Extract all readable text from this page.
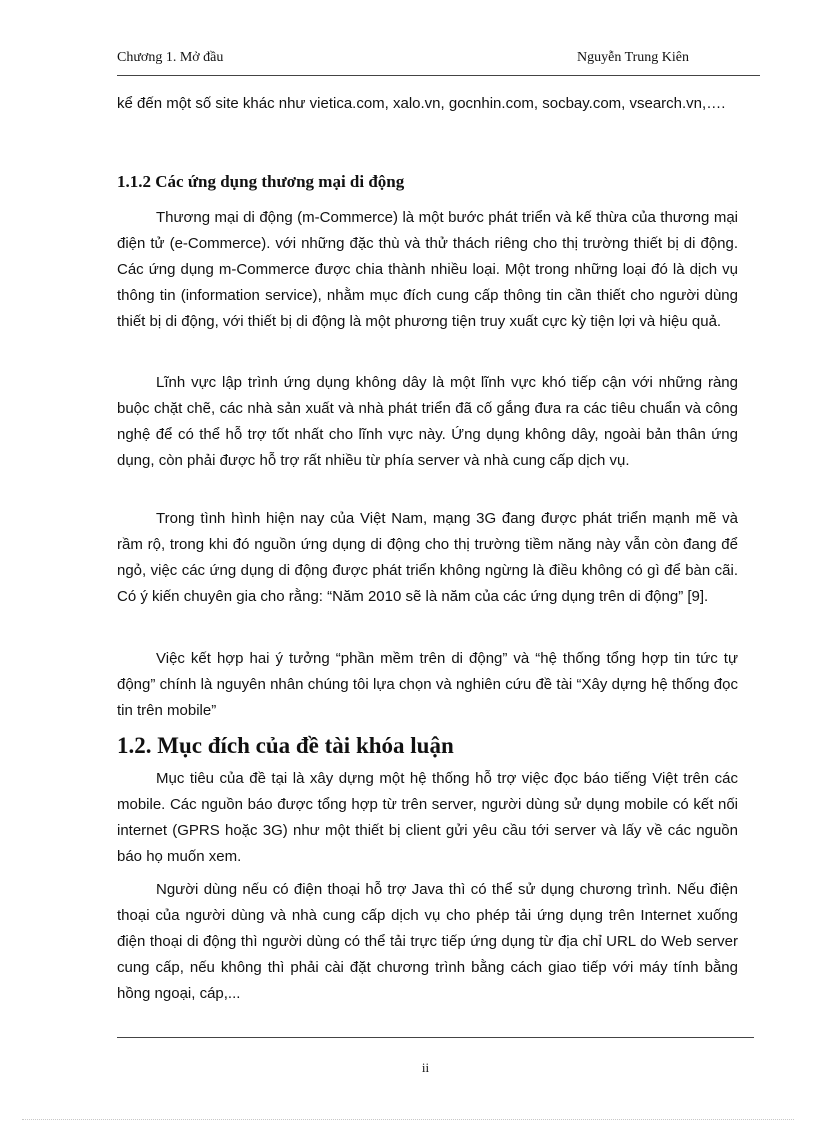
Chương 1. Mở đầu	Nguyễn Trung Kiên

kể đến một số site khác như vietica.com, xalo.vn, gocnhin.com, socbay.com, vsearch.vn,….

1.1.2 Các ứng dụng thương mại di động

Thương mại di động (m-Commerce) là một bước phát triển và kế thừa của thương mại điện tử (e-Commerce). với những đặc thù và thử thách riêng cho thị trường thiết bị di động. Các ứng dụng m-Commerce được chia thành nhiều loại. Một trong những loại đó là dịch vụ thông tin (information service), nhằm mục đích cung cấp thông tin cần thiết cho người dùng thiết bị di động, với thiết bị di động là một phương tiện truy xuất cực kỳ tiện lợi và hiệu quả.

Lĩnh vực lập trình ứng dụng không dây là một lĩnh vực khó tiếp cận với những ràng buộc chặt chẽ, các nhà sản xuất và nhà phát triển đã cố gắng đưa ra các tiêu chuẩn và công nghệ để có thể hỗ trợ tốt nhất cho lĩnh vực này. Ứng dụng không dây, ngoài bản thân ứng dụng, còn phải được hỗ trợ rất nhiều từ phía server và nhà cung cấp dịch vụ.

Trong tình hình hiện nay của Việt Nam, mạng 3G đang được phát triển mạnh mẽ và rầm rộ, trong khi đó nguồn ứng dụng di động cho thị trường tiềm năng này vẫn còn đang để ngỏ, việc các ứng dụng di động được phát triển không ngừng là điều không có gì để bàn cãi. Có ý kiến chuyên gia cho rằng: “Năm 2010 sẽ là năm của các ứng dụng trên di động” [9].

Việc kết hợp hai ý tưởng “phần mềm trên di động” và “hệ thống tổng hợp tin tức tự động” chính là nguyên nhân chúng tôi lựa chọn và nghiên cứu đề tài “Xây dựng hệ thống đọc tin trên mobile”

1.2. Mục đích của đề tài khóa luận

Mục tiêu của đề tại là xây dựng một hệ thống hỗ trợ việc đọc báo tiếng Việt trên các mobile. Các nguồn báo được tổng hợp từ trên server, người dùng sử dụng mobile có kết nối internet (GPRS hoặc 3G) như một thiết bị client gửi yêu cầu tới server và lấy về các nguồn báo họ muốn xem.

Người dùng nếu có điện thoại hỗ trợ Java thì có thể sử dụng chương trình. Nếu điện thoại của người dùng và nhà cung cấp dịch vụ cho phép tải ứng dụng trên Internet xuống điện thoại di động thì người dùng có thể tải trực tiếp ứng dụng từ địa chỉ URL do Web server cung cấp, nếu không thì phải cài đặt chương trình bằng cách giao tiếp với máy tính bằng hồng ngoại, cáp,...

ii
